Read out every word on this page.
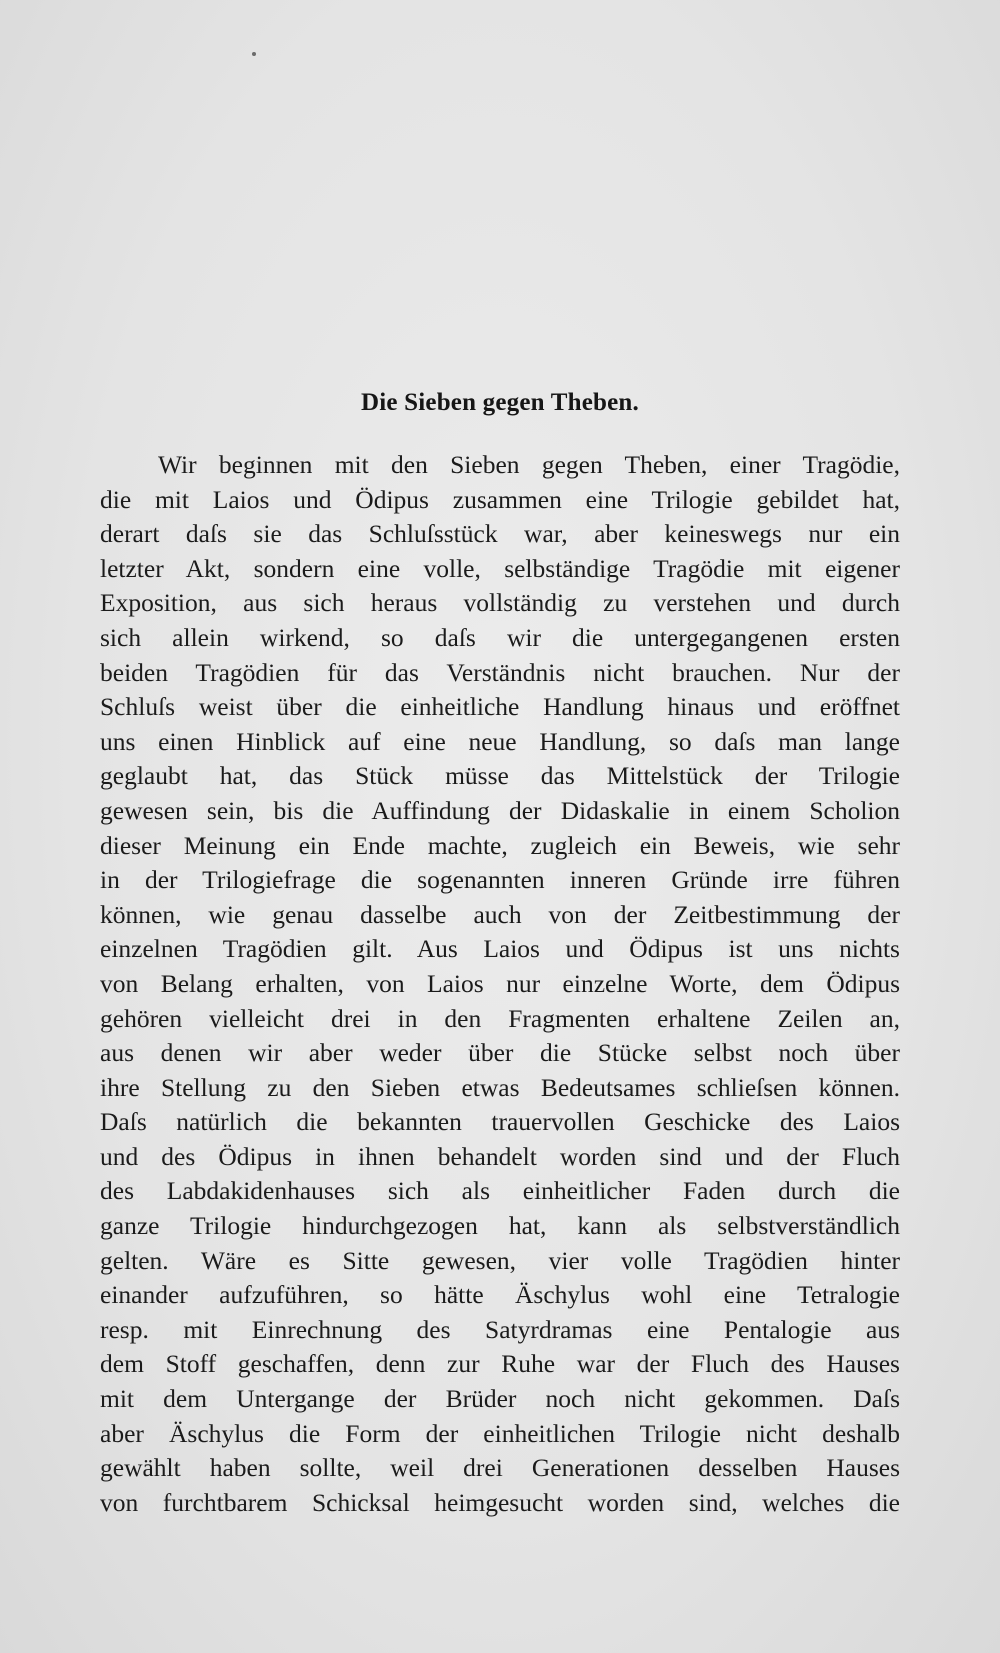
Die Sieben gegen Theben.
Wir beginnen mit den Sieben gegen Theben, einer Tragödie,
die mit Laios und Ödipus zusammen eine Trilogie gebildet hat,
derart daſs sie das Schluſsstück war, aber keineswegs nur ein
letzter Akt, sondern eine volle, selbständige Tragödie mit eigener
Exposition, aus sich heraus vollständig zu verstehen und durch
sich allein wirkend, so daſs wir die untergegangenen ersten
beiden Tragödien für das Verständnis nicht brauchen. Nur der
Schluſs weist über die einheitliche Handlung hinaus und eröffnet
uns einen Hinblick auf eine neue Handlung, so daſs man lange
geglaubt hat, das Stück müsse das Mittelstück der Trilogie
gewesen sein, bis die Auffindung der Didaskalie in einem Scholion
dieser Meinung ein Ende machte, zugleich ein Beweis, wie sehr
in der Trilogiefrage die sogenannten inneren Gründe irre führen
können, wie genau dasselbe auch von der Zeitbestimmung der
einzelnen Tragödien gilt. Aus Laios und Ödipus ist uns nichts
von Belang erhalten, von Laios nur einzelne Worte, dem Ödipus
gehören vielleicht drei in den Fragmenten erhaltene Zeilen an,
aus denen wir aber weder über die Stücke selbst noch über
ihre Stellung zu den Sieben etwas Bedeutsames schlieſsen können.
Daſs natürlich die bekannten trauervollen Geschicke des Laios
und des Ödipus in ihnen behandelt worden sind und der Fluch
des Labdakidenhauses sich als einheitlicher Faden durch die
ganze Trilogie hindurchgezogen hat, kann als selbstverständlich
gelten. Wäre es Sitte gewesen, vier volle Tragödien hinter
einander aufzuführen, so hätte Äschylus wohl eine Tetralogie
resp. mit Einrechnung des Satyrdramas eine Pentalogie aus
dem Stoff geschaffen, denn zur Ruhe war der Fluch des Hauses
mit dem Untergange der Brüder noch nicht gekommen. Daſs
aber Äschylus die Form der einheitlichen Trilogie nicht deshalb
gewählt haben sollte, weil drei Generationen desselben Hauses
von furchtbarem Schicksal heimgesucht worden sind, welches die
